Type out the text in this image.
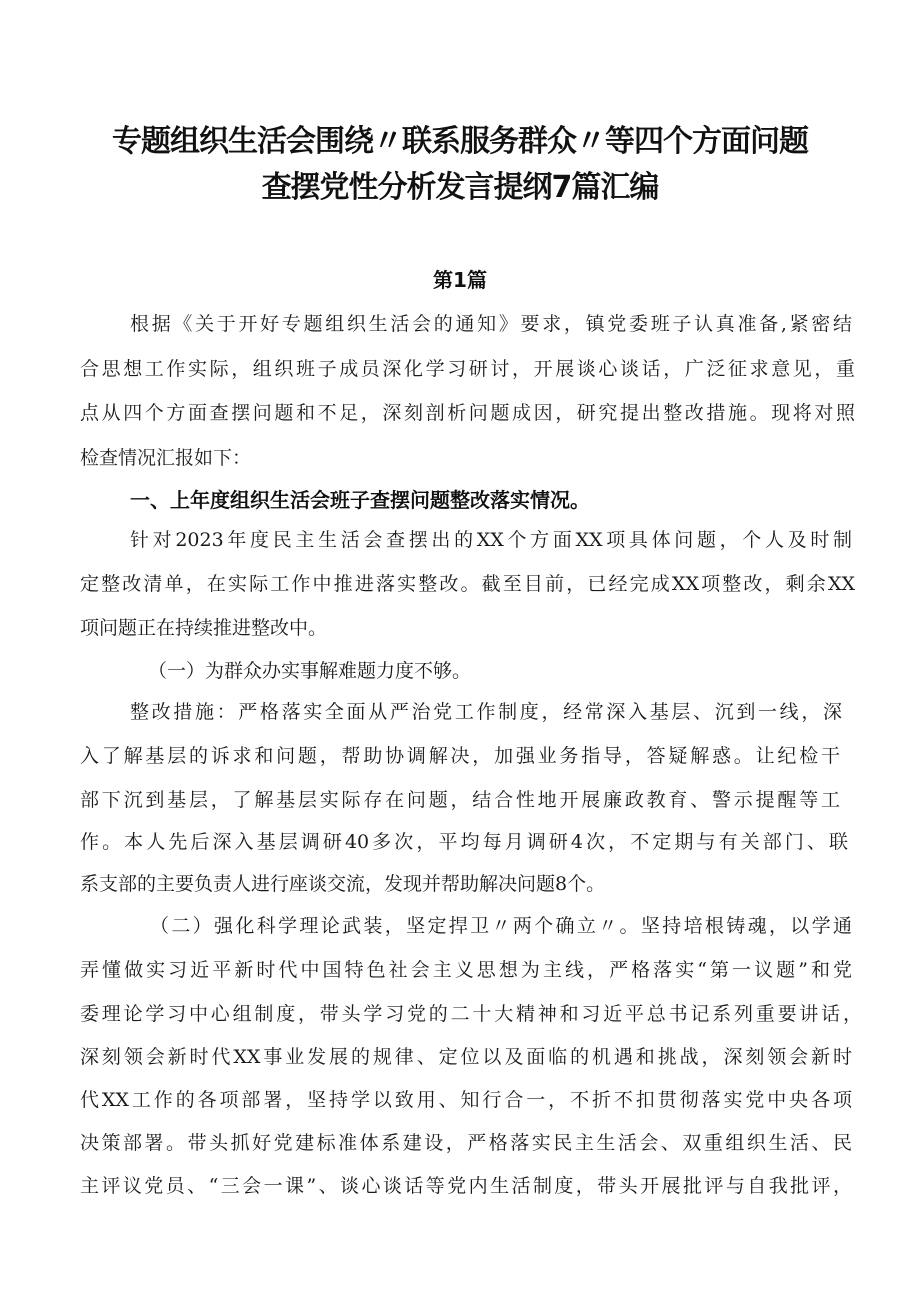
专题组织生活会围绕〃联系服务群众〃等四个方面问题
查摆党性分析发言提纲7篇汇编
第1篇
根据《关于开好专题组织生活会的通知》要求，镇党委班子认真准备,紧密结
合思想工作实际，组织班子成员深化学习研讨，开展谈心谈话，广泛征求意见，重
点从四个方面查摆问题和不足，深刻剖析问题成因，研究提出整改措施。现将对照
检查情况汇报如下：
一、上年度组织生活会班子查摆问题整改落实情况。
针对2023年度民主生活会查摆出的XX个方面XX项具体问题，个人及时制
定整改清单，在实际工作中推进落实整改。截至目前，已经完成XX项整改，剩余XX
项问题正在持续推进整改中。
（一）为群众办实事解难题力度不够。
整改措施：严格落实全面从严治党工作制度，经常深入基层、沉到一线，深
入了解基层的诉求和问题，帮助协调解决，加强业务指导，答疑解惑。让纪检干
部下沉到基层，了解基层实际存在问题，结合性地开展廉政教育、警示提醒等工
作。本人先后深入基层调研40多次，平均每月调研4次，不定期与有关部门、联
系支部的主要负责人进行座谈交流，发现并帮助解决问题8个。
（二）强化科学理论武装，坚定捍卫〃两个确立〃。坚持培根铸魂，以学通
弄懂做实习近平新时代中国特色社会主义思想为主线，严格落实“第一议题”和党
委理论学习中心组制度，带头学习党的二十大精神和习近平总书记系列重要讲话，
深刻领会新时代XX事业发展的规律、定位以及面临的机遇和挑战，深刻领会新时
代XX工作的各项部署，坚持学以致用、知行合一，不折不扣贯彻落实党中央各项
决策部署。带头抓好党建标准体系建设，严格落实民主生活会、双重组织生活、民
主评议党员、“三会一课”、谈心谈话等党内生活制度，带头开展批评与自我批评，
